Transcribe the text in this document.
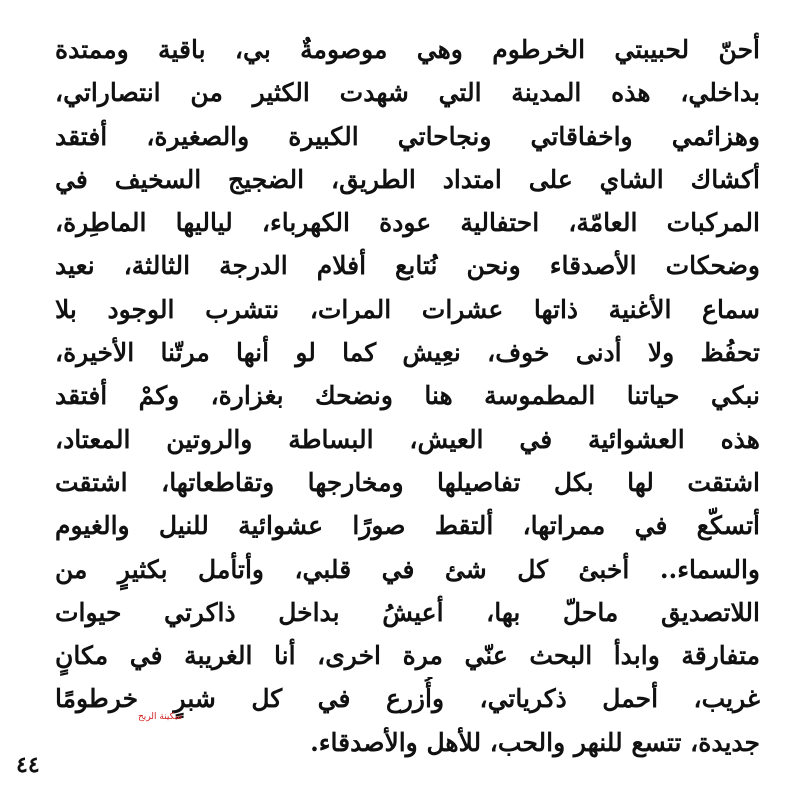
أحنّ لحبيبتي الخرطوم وهي موصومةٌ بي، باقية وممتدة
بداخلي، هذه المدينة التي شهدت الكثير من انتصاراتي،
وهزائمي واخفاقاتي ونجاحاتي الكبيرة والصغيرة، أفتقد
أكشاك الشاي على امتداد الطريق، الضجيج السخيف في
المركبات العامّة، احتفالية عودة الكهرباء، لياليها الماطِرة،
وضحكات الأصدقاء ونحن نُتابع أفلام الدرجة الثالثة، نعيد
سماع الأغنية ذاتها عشرات المرات، نتشرب الوجود بلا
تحفُظ ولا أدنى خوف، نعِيش كما لو أنها مرتّنا الأخيرة،
نبكي حياتنا المطموسة هنا ونضحك بغزارة، وكمْ أفتقد
هذه العشوائية في العيش، البساطة والروتين المعتاد،
اشتقت لها بكل تفاصيلها ومخارجها وتقاطعاتها، اشتقت
أتسكّع في ممراتها، ألتقط صورًا عشوائية للنيل والغيوم
والسماء.. أخبئ كل شئ في قلبي، وأتأمل بكثيرٍ من
اللاتصديق ماحلّ بها، أعيشُ بداخل ذاكرتي حيوات
متفارقة وابدأ البحث عنّي مرة اخرى، أنا الغريبة في مكانٍ
غريب، أحمل ذكرياتي، وأُزرع في كل شبرٍ خرطومًا
جديدة، تتسع للنهر والحب، للأهل والأصدقاء.
سكينة الريح
٤٤
